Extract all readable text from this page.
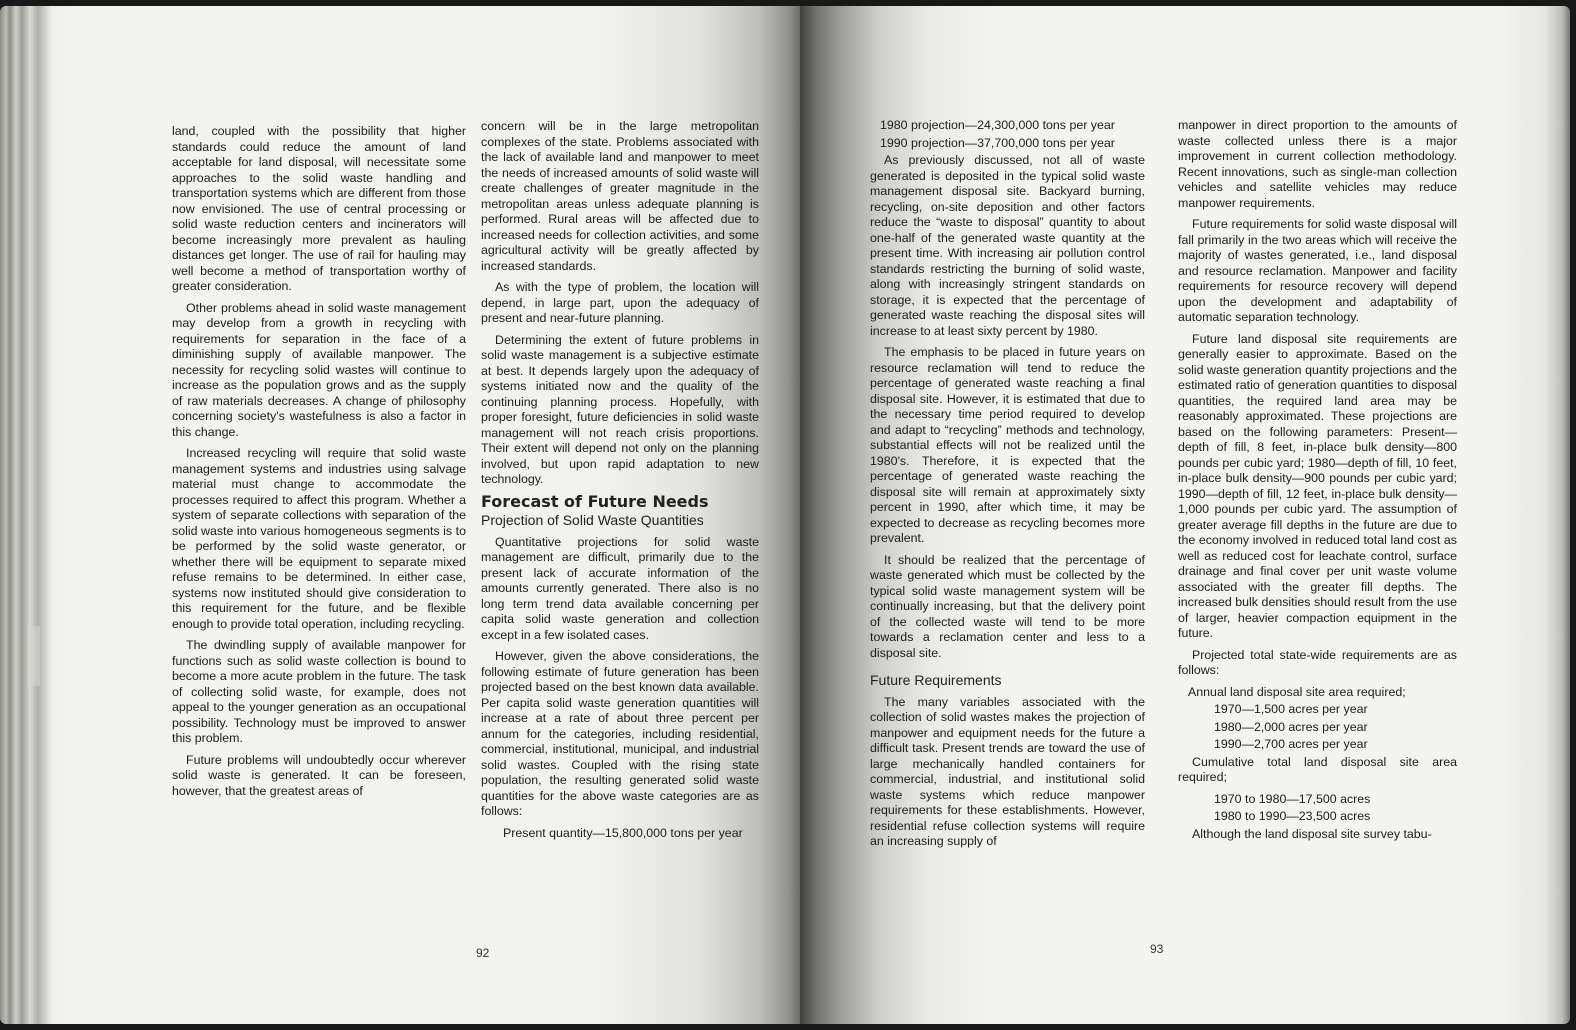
land, coupled with the possibility that higher standards could reduce the amount of land acceptable for land disposal, will necessitate some approaches to the solid waste handling and transportation systems which are different from those now envisioned. The use of central processing or solid waste reduction centers and incinerators will become increasingly more prevalent as hauling distances get longer. The use of rail for hauling may well become a method of transportation worthy of greater consideration.

Other problems ahead in solid waste management may develop from a growth in recycling with requirements for separation in the face of a diminishing supply of available manpower. The necessity for recycling solid wastes will continue to increase as the population grows and as the supply of raw materials decreases. A change of philosophy concerning society's wastefulness is also a factor in this change.

Increased recycling will require that solid waste management systems and industries using salvage material must change to accommodate the processes required to affect this program. Whether a system of separate collections with separation of the solid waste into various homogeneous segments is to be performed by the solid waste generator, or whether there will be equipment to separate mixed refuse remains to be determined. In either case, systems now instituted should give consideration to this requirement for the future, and be flexible enough to provide total operation, including recycling.

The dwindling supply of available manpower for functions such as solid waste collection is bound to become a more acute problem in the future. The task of collecting solid waste, for example, does not appeal to the younger generation as an occupational possibility. Technology must be improved to answer this problem.

Future problems will undoubtedly occur wherever solid waste is generated. It can be foreseen, however, that the greatest areas of

concern will be in the large metropolitan complexes of the state. Problems associated with the lack of available land and manpower to meet the needs of increased amounts of solid waste will create challenges of greater magnitude in the metropolitan areas unless adequate planning is performed. Rural areas will be affected due to increased needs for collection activities, and some agricultural activity will be greatly affected by increased standards.

As with the type of problem, the location will depend, in large part, upon the adequacy of present and near-future planning.

Determining the extent of future problems in solid waste management is a subjective estimate at best. It depends largely upon the adequacy of systems initiated now and the quality of the continuing planning process. Hopefully, with proper foresight, future deficiencies in solid waste management will not reach crisis proportions. Their extent will depend not only on the planning involved, but upon rapid adaptation to new technology.

Forecast of Future Needs
Projection of Solid Waste Quantities

Quantitative projections for solid waste management are difficult, primarily due to the present lack of accurate information of the amounts currently generated. There also is no long term trend data available concerning per capita solid waste generation and collection except in a few isolated cases.

However, given the above considerations, the following estimate of future generation has been projected based on the best known data available. Per capita solid waste generation quantities will increase at a rate of about three percent per annum for the categories, including residential, commercial, institutional, municipal, and industrial solid wastes. Coupled with the rising state population, the resulting generated solid waste quantities for the above waste categories are as follows:

Present quantity—15,800,000 tons per year

92

1980 projection—24,300,000 tons per year

1990 projection—37,700,000 tons per year

As previously discussed, not all of waste generated is deposited in the typical solid waste management disposal site. Backyard burning, recycling, on-site deposition and other factors reduce the “waste to disposal” quantity to about one-half of the generated waste quantity at the present time. With increasing air pollution control standards restricting the burning of solid waste, along with increasingly stringent standards on storage, it is expected that the percentage of generated waste reaching the disposal sites will increase to at least sixty percent by 1980.

The emphasis to be placed in future years on resource reclamation will tend to reduce the percentage of generated waste reaching a final disposal site. However, it is estimated that due to the necessary time period required to develop and adapt to “recycling” methods and technology, substantial effects will not be realized until the 1980's. Therefore, it is expected that the percentage of generated waste reaching the disposal site will remain at approximately sixty percent in 1990, after which time, it may be expected to decrease as recycling becomes more prevalent.

It should be realized that the percentage of waste generated which must be collected by the typical solid waste management system will be continually increasing, but that the delivery point of the collected waste will tend to be more towards a reclamation center and less to a disposal site.

Future Requirements

The many variables associated with the collection of solid wastes makes the projection of manpower and equipment needs for the future a difficult task. Present trends are toward the use of large mechanically handled containers for commercial, industrial, and institutional solid waste systems which reduce manpower requirements for these establishments. However, residential refuse collection systems will require an increasing supply of

manpower in direct proportion to the amounts of waste collected unless there is a major improvement in current collection methodology. Recent innovations, such as single-man collection vehicles and satellite vehicles may reduce manpower requirements.

Future requirements for solid waste disposal will fall primarily in the two areas which will receive the majority of wastes generated, i.e., land disposal and resource reclamation. Manpower and facility requirements for resource recovery will depend upon the development and adaptability of automatic separation technology.

Future land disposal site requirements are generally easier to approximate. Based on the solid waste generation quantity projections and the estimated ratio of generation quantities to disposal quantities, the required land area may be reasonably approximated. These projections are based on the following parameters: Present—depth of fill, 8 feet, in-place bulk density—800 pounds per cubic yard; 1980—depth of fill, 10 feet, in-place bulk density—900 pounds per cubic yard; 1990—depth of fill, 12 feet, in-place bulk density—1,000 pounds per cubic yard. The assumption of greater average fill depths in the future are due to the economy involved in reduced total land cost as well as reduced cost for leachate control, surface drainage and final cover per unit waste volume associated with the greater fill depths. The increased bulk densities should result from the use of larger, heavier compaction equipment in the future.

Projected total state-wide requirements are as follows:

Annual land disposal site area required;

1970—1,500 acres per year

1980—2,000 acres per year

1990—2,700 acres per year

Cumulative total land disposal site area required;

1970 to 1980—17,500 acres

1980 to 1990—23,500 acres

Although the land disposal site survey tabu-

93
